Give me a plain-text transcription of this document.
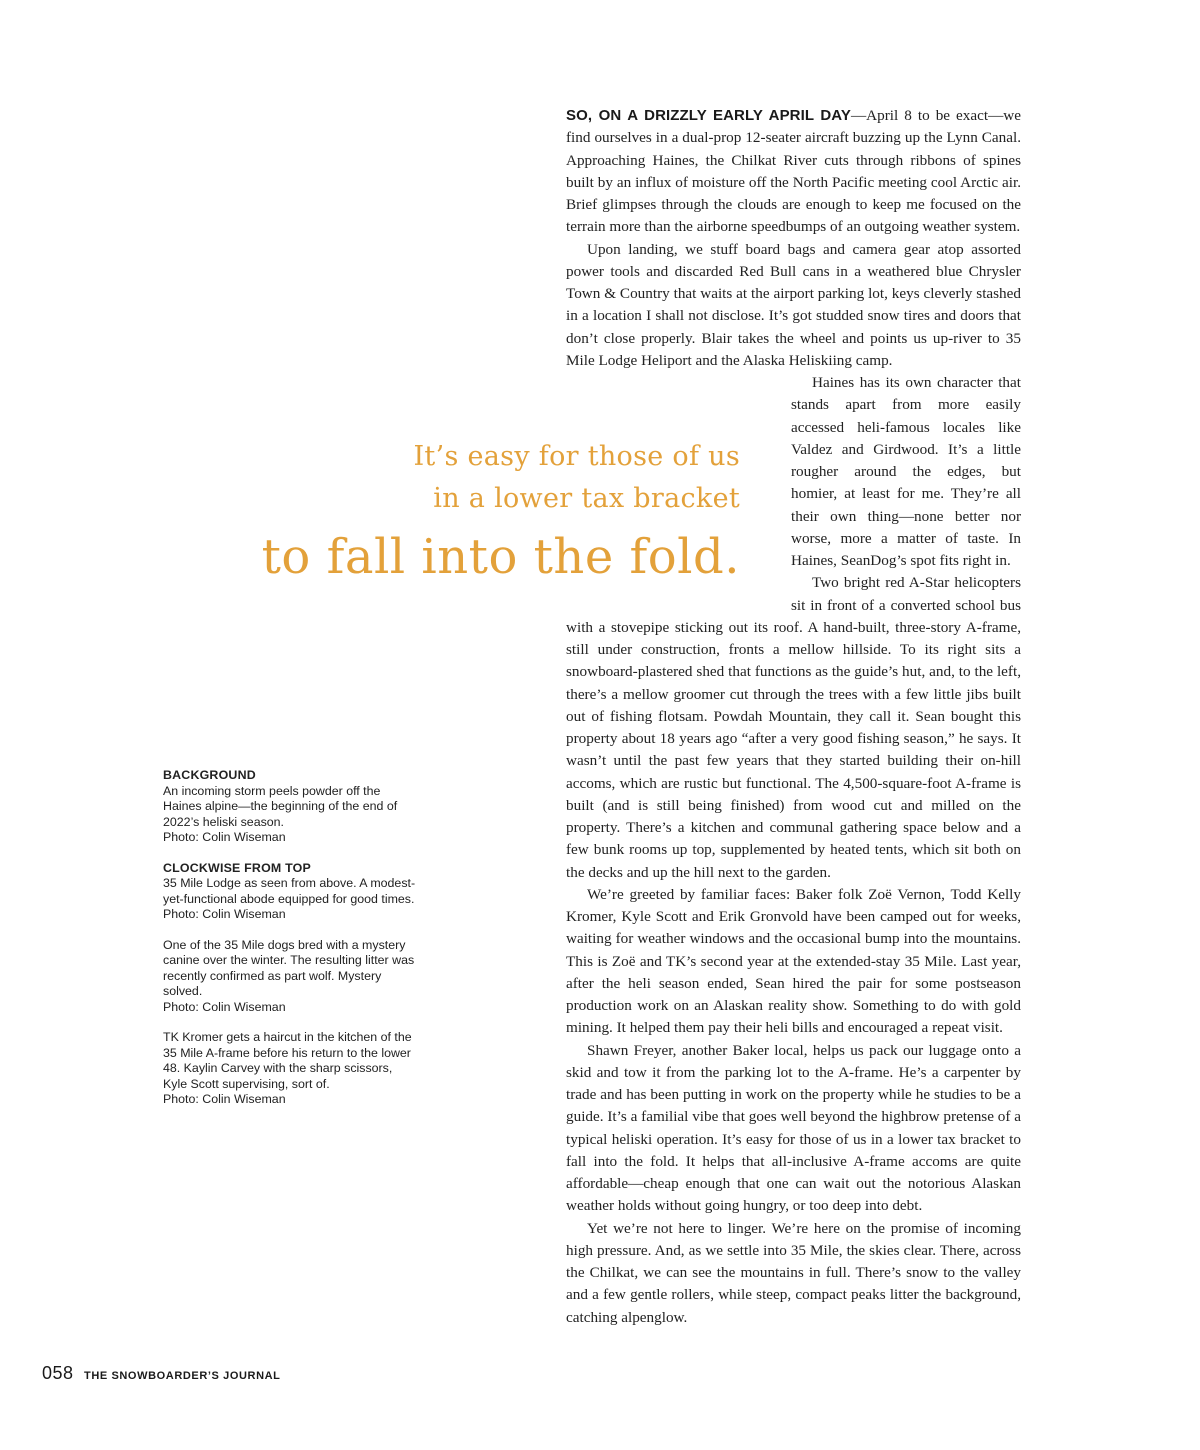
SO, ON A DRIZZLY EARLY APRIL DAY—April 8 to be exact—we find ourselves in a dual-prop 12-seater aircraft buzzing up the Lynn Canal. Approaching Haines, the Chilkat River cuts through ribbons of spines built by an influx of moisture off the North Pacific meeting cool Arctic air. Brief glimpses through the clouds are enough to keep me focused on the terrain more than the airborne speedbumps of an outgoing weather system.

Upon landing, we stuff board bags and camera gear atop assorted power tools and discarded Red Bull cans in a weathered blue Chrysler Town & Country that waits at the airport parking lot, keys cleverly stashed in a location I shall not disclose. It’s got studded snow tires and doors that don’t close properly. Blair takes the wheel and points us up-river to 35 Mile Lodge Heliport and the Alaska Heliskiing camp.

Haines has its own character that stands apart from more easily accessed heli-famous locales like Valdez and Girdwood. It’s a little rougher around the edges, but homier, at least for me. They’re all their own thing—none better nor worse, more a matter of taste. In Haines, SeanDog’s spot fits right in.

Two bright red A-Star helicopters sit in front of a converted school bus with a stovepipe sticking out its roof. A hand-built, three-story A-frame, still under construction, fronts a mellow hillside. To its right sits a snowboard-plastered shed that functions as the guide’s hut, and, to the left, there’s a mellow groomer cut through the trees with a few little jibs built out of fishing flotsam. Powdah Mountain, they call it. Sean bought this property about 18 years ago “after a very good fishing season,” he says. It wasn’t until the past few years that they started building their on-hill accoms, which are rustic but functional. The 4,500-square-foot A-frame is built (and is still being finished) from wood cut and milled on the property. There’s a kitchen and communal gathering space below and a few bunk rooms up top, supplemented by heated tents, which sit both on the decks and up the hill next to the garden.

We’re greeted by familiar faces: Baker folk Zoë Vernon, Todd Kelly Kromer, Kyle Scott and Erik Gronvold have been camped out for weeks, waiting for weather windows and the occasional bump into the mountains. This is Zoë and TK’s second year at the extended-stay 35 Mile. Last year, after the heli season ended, Sean hired the pair for some postseason production work on an Alaskan reality show. Something to do with gold mining. It helped them pay their heli bills and encouraged a repeat visit.

Shawn Freyer, another Baker local, helps us pack our luggage onto a skid and tow it from the parking lot to the A-frame. He’s a carpenter by trade and has been putting in work on the property while he studies to be a guide. It’s a familial vibe that goes well beyond the highbrow pretense of a typical heliski operation. It’s easy for those of us in a lower tax bracket to fall into the fold. It helps that all-inclusive A-frame accoms are quite affordable—cheap enough that one can wait out the notorious Alaskan weather holds without going hungry, or too deep into debt.

Yet we’re not here to linger. We’re here on the promise of incoming high pressure. And, as we settle into 35 Mile, the skies clear. There, across the Chilkat, we can see the mountains in full. There’s snow to the valley and a few gentle rollers, while steep, compact peaks litter the background, catching alpenglow.

It’s easy for those of us
in a lower tax bracket
to fall into the fold.
BACKGROUND
An incoming storm peels powder off the Haines alpine—the beginning of the end of 2022’s heliski season.
Photo: Colin Wiseman
CLOCKWISE FROM TOP
35 Mile Lodge as seen from above. A modest-yet-functional abode equipped for good times.
Photo: Colin Wiseman
One of the 35 Mile dogs bred with a mystery canine over the winter. The resulting litter was recently confirmed as part wolf. Mystery solved.
Photo: Colin Wiseman
TK Kromer gets a haircut in the kitchen of the 35 Mile A-frame before his return to the lower 48. Kaylin Carvey with the sharp scissors, Kyle Scott supervising, sort of.
Photo: Colin Wiseman
058 THE SNOWBOARDER’S JOURNAL
